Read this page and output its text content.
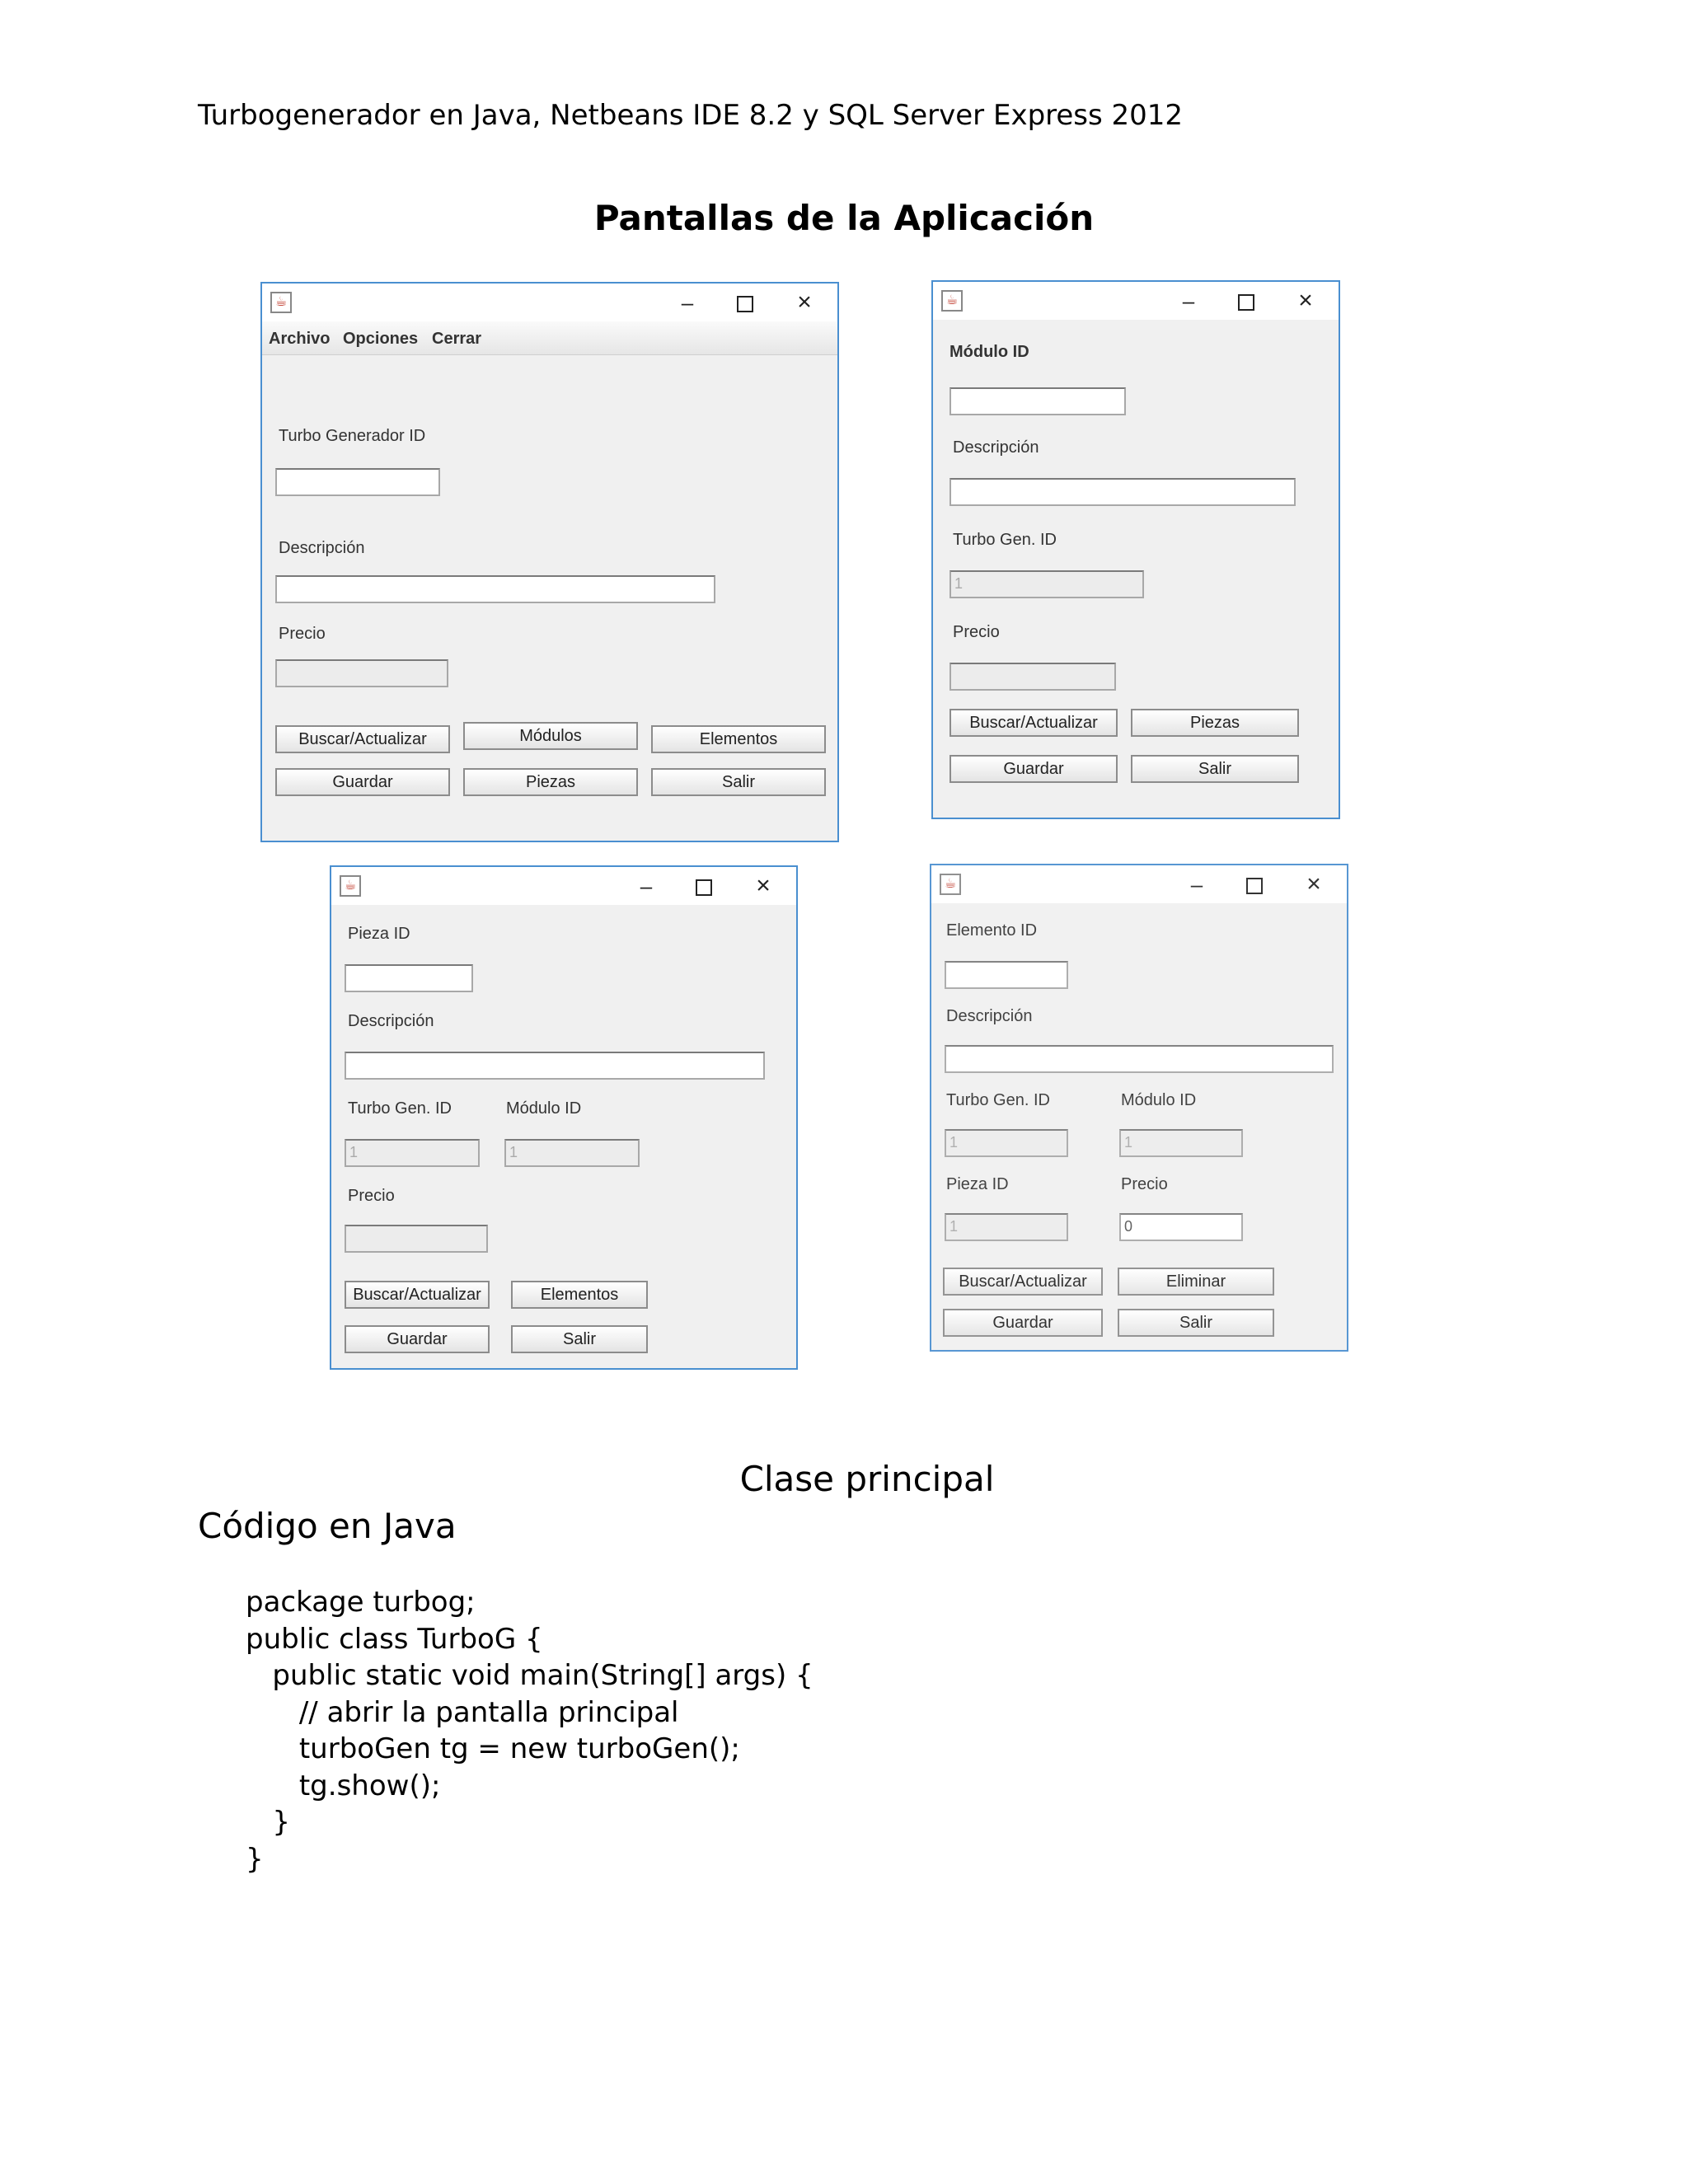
Turbogenerador en Java, Netbeans IDE 8.2 y SQL Server Express 2012
Pantallas de la Aplicación
☕	–	×
Archivo Opciones Cerrar
Turbo Generador ID
Descripción
Precio
Buscar/Actualizar	Módulos	Elementos
Guardar	Piezas	Salir
☕	–	×
Módulo ID
Descripción
Turbo Gen. ID
1
Precio
Buscar/Actualizar	Piezas
Guardar	Salir
☕	–	×
Pieza ID
Descripción
Turbo Gen. ID	Módulo ID
1	1
Precio
Buscar/Actualizar	Elementos
Guardar	Salir
☕	–	×
Elemento ID
Descripción
Turbo Gen. ID	Módulo ID
1	1
Pieza ID	Precio
1	0
Buscar/Actualizar	Eliminar
Guardar	Salir
Clase principal
Código en Java
package turbog;
public class TurboG {
public static void main(String[] args) {
// abrir la pantalla principal
turboGen tg = new turboGen();
tg.show();
}
}
